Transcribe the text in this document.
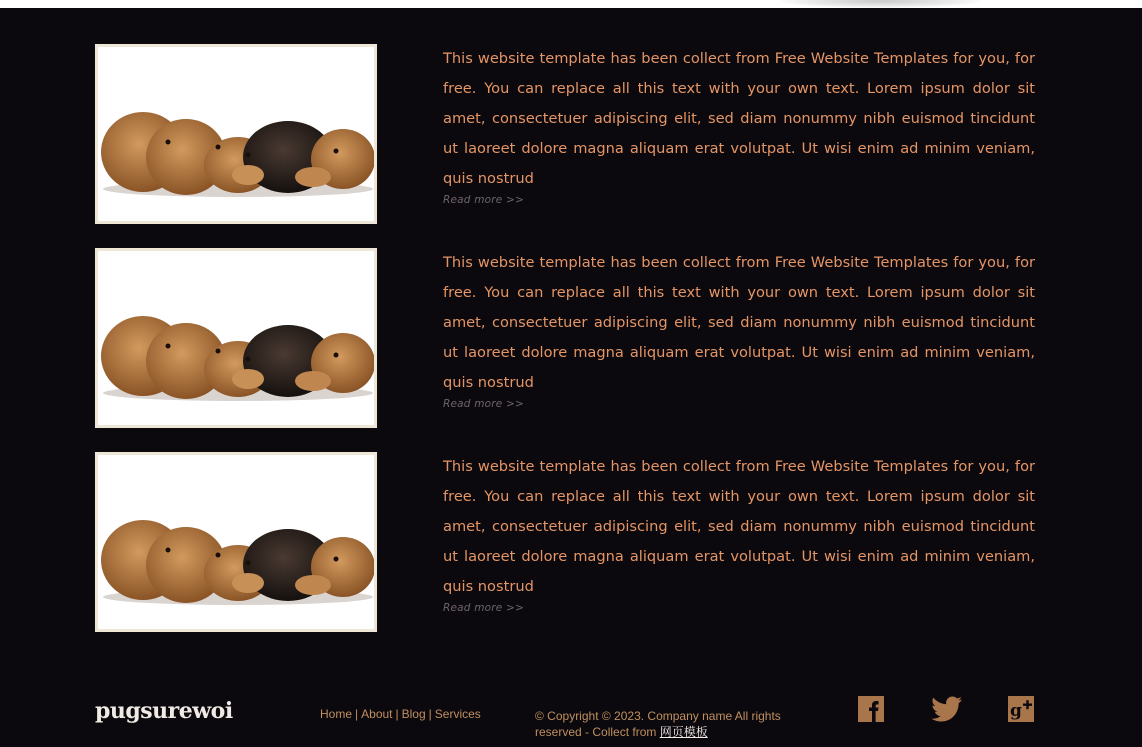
This website template has been collect from Free Website Templates for you, for free. You can replace all this text with your own text. Lorem ipsum dolor sit amet, consectetuer adipiscing elit, sed diam nonummy nibh euismod tincidunt ut laoreet dolore magna aliquam erat volutpat. Ut wisi enim ad minim veniam, quis nostrud

Read more >>

This website template has been collect from Free Website Templates for you, for free. You can replace all this text with your own text. Lorem ipsum dolor sit amet, consectetuer adipiscing elit, sed diam nonummy nibh euismod tincidunt ut laoreet dolore magna aliquam erat volutpat. Ut wisi enim ad minim veniam, quis nostrud

Read more >>

This website template has been collect from Free Website Templates for you, for free. You can replace all this text with your own text. Lorem ipsum dolor sit amet, consectetuer adipiscing elit, sed diam nonummy nibh euismod tincidunt ut laoreet dolore magna aliquam erat volutpat. Ut wisi enim ad minim veniam, quis nostrud

Read more >>
pugsurewoi	Home | About | Blog | Services	© Copyright © 2023. Company name All rights reserved - Collect from 网页模板
g
